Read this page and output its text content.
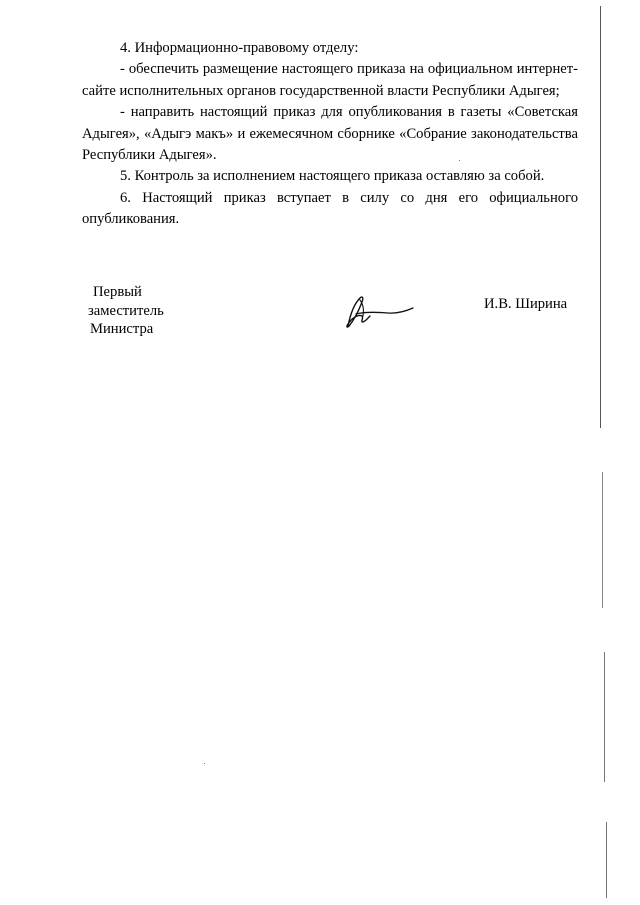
4. Информационно-правовому отделу:

- обеспечить размещение настоящего приказа на официальном интернет-сайте исполнительных органов государственной власти Республики Адыгея;

- направить настоящий приказ для опубликования в газеты «Советская Адыгея», «Адыгэ макъ» и ежемесячном сборнике «Собрание законодательства Республики Адыгея».

5. Контроль за исполнением настоящего приказа оставляю за собой.

6. Настоящий приказ вступает в силу со дня его официального опубликования.

Первый
заместитель
Министра
И.В. Ширина
